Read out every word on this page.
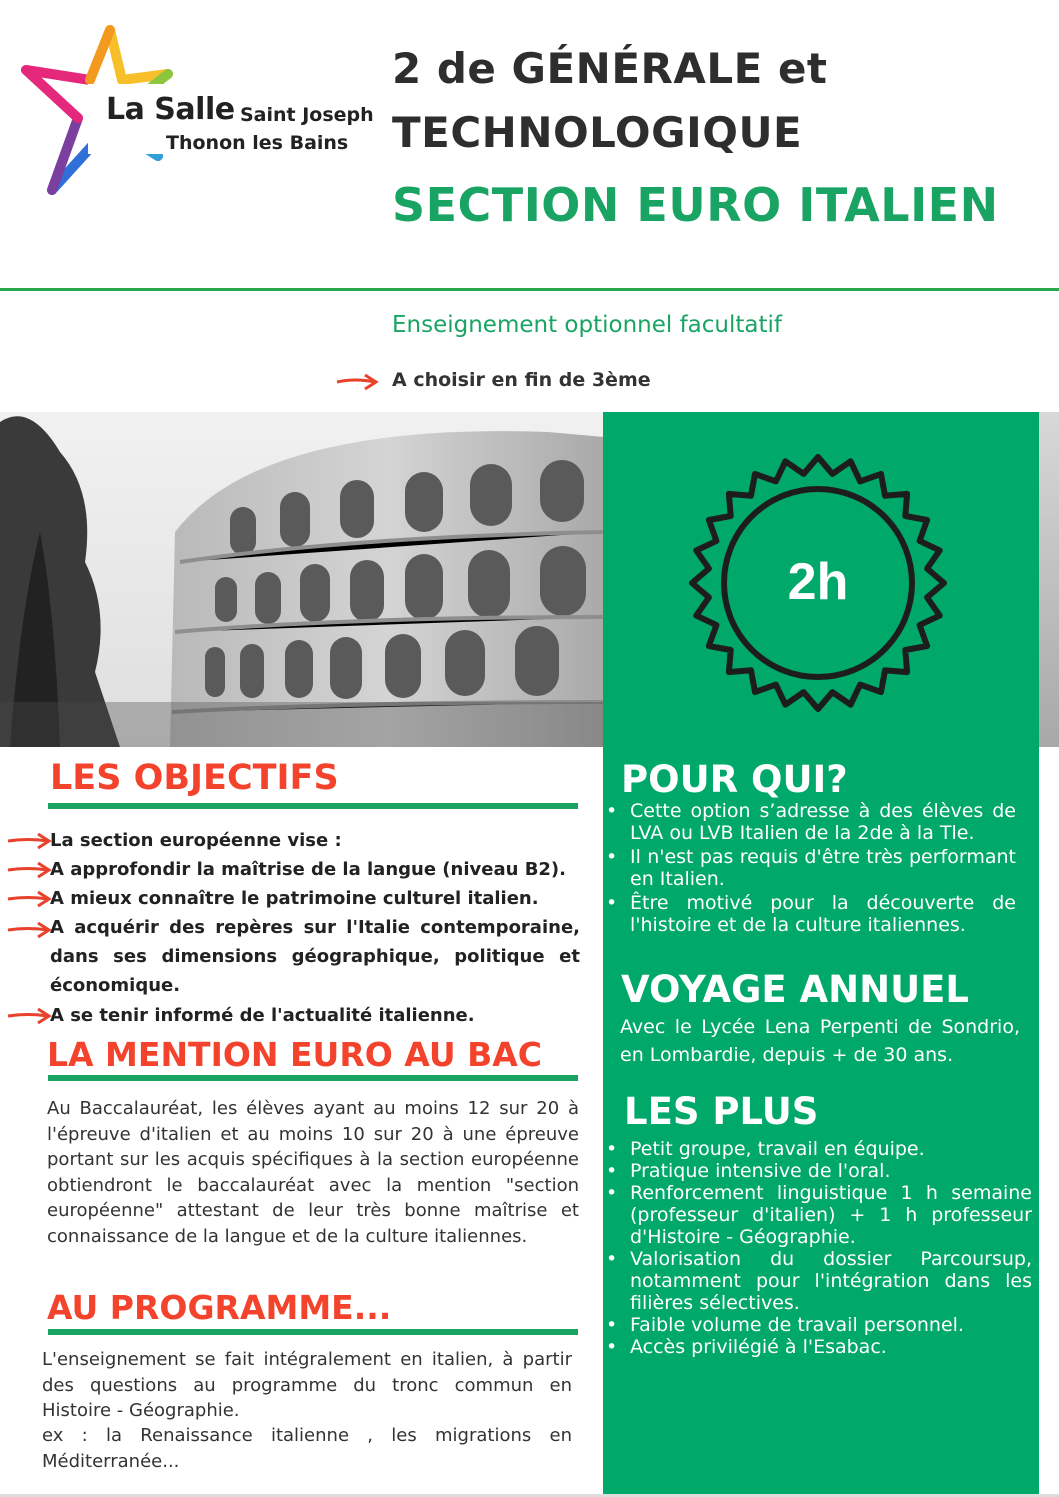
La Salle Saint Joseph
Thonon les Bains
2 de GÉNÉRALE et
TECHNOLOGIQUE
SECTION EURO ITALIEN
Enseignement optionnel facultatif
A choisir en fin de 3ème
2h
POUR QUI?
• Cette option s’adresse à des élèves de LVA ou LVB Italien de la 2de à la Tle.
• Il n'est pas requis d'être très performant en Italien.
• Être motivé pour la découverte de l'histoire et de la culture italiennes.
VOYAGE ANNUEL
Avec le Lycée Lena Perpenti de Sondrio, en Lombardie, depuis + de 30 ans.
LES PLUS
• Petit groupe, travail en équipe.
• Pratique intensive de l'oral.
• Renforcement linguistique 1 h semaine (professeur d'italien) + 1 h professeur d'Histoire - Géographie.
• Valorisation du dossier Parcoursup, notamment pour l'intégration dans les filières sélectives.
• Faible volume de travail personnel.
• Accès privilégié à l'Esabac.
LES OBJECTIFS
La section européenne vise :
A approfondir la maîtrise de la langue (niveau B2).
A mieux connaître le patrimoine culturel italien.
A acquérir des repères sur l'Italie contemporaine, dans ses dimensions géographique, politique et économique.
A se tenir informé de l'actualité italienne.
LA MENTION EURO AU BAC
Au Baccalauréat, les élèves ayant au moins 12 sur 20 à l'épreuve d'italien et au moins 10 sur 20 à une épreuve portant sur les acquis spécifiques à la section européenne obtiendront le baccalauréat avec la mention "section européenne" attestant de leur très bonne maîtrise et connaissance de la langue et de la culture italiennes.
AU PROGRAMME...
L'enseignement se fait intégralement en italien, à partir des questions au programme du tronc commun en Histoire - Géographie.
ex : la Renaissance italienne , les migrations en Méditerranée...
